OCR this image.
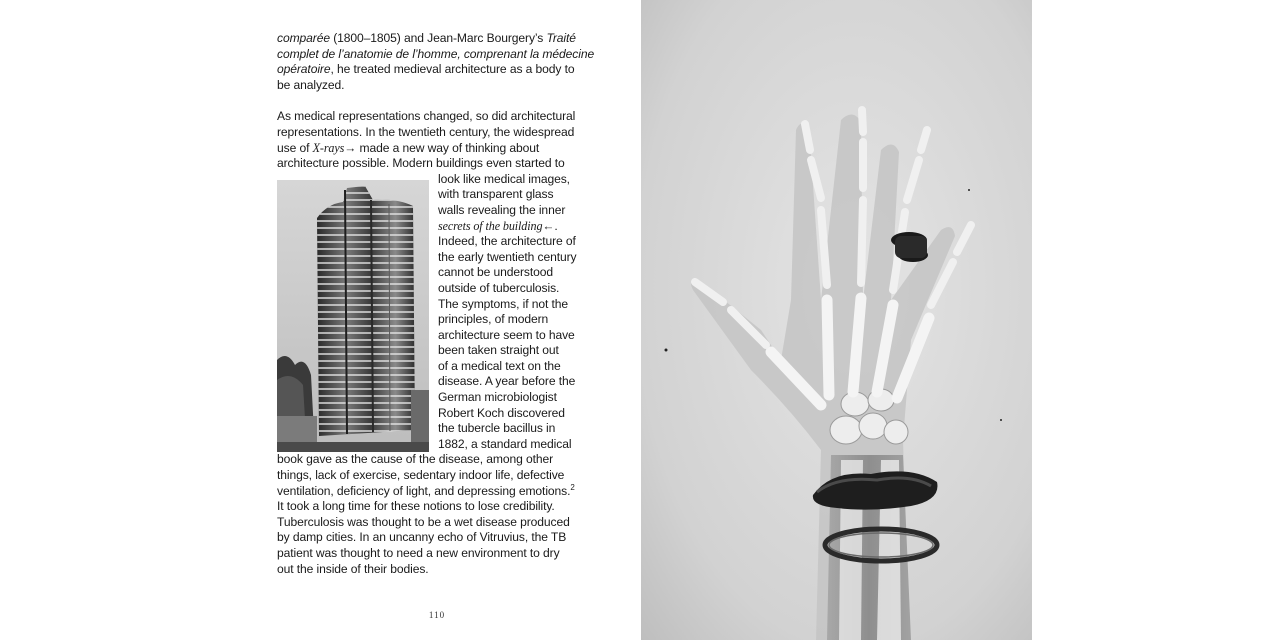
comparée (1800–1805) and Jean-Marc Bourgery’s Traité
complet de l’anatomie de l’homme, comprenant la médecine
opératoire, he treated medieval architecture as a body to
be analyzed.
As medical representations changed, so did architectural
representations. In the twentieth century, the widespread
use of X-rays→ made a new way of thinking about
architecture possible. Modern buildings even started to
look like medical images,
with transparent glass
walls revealing the inner
secrets of the building←.
Indeed, the architecture of
the early twentieth century
cannot be understood
outside of tuberculosis.
The symptoms, if not the
principles, of modern
architecture seem to have
been taken straight out
of a medical text on the
disease. A year before the
German microbiologist
Robert Koch discovered
the tubercle bacillus in
1882, a standard medical
book gave as the cause of the disease, among other
things, lack of exercise, sedentary indoor life, defective
ventilation, deficiency of light, and depressing emotions.$^2$
It took a long time for these notions to lose credibility.
Tuberculosis was thought to be a wet disease produced
by damp cities. In an uncanny echo of Vitruvius, the TB
patient was thought to need a new environment to dry
out the inside of their bodies.
110
